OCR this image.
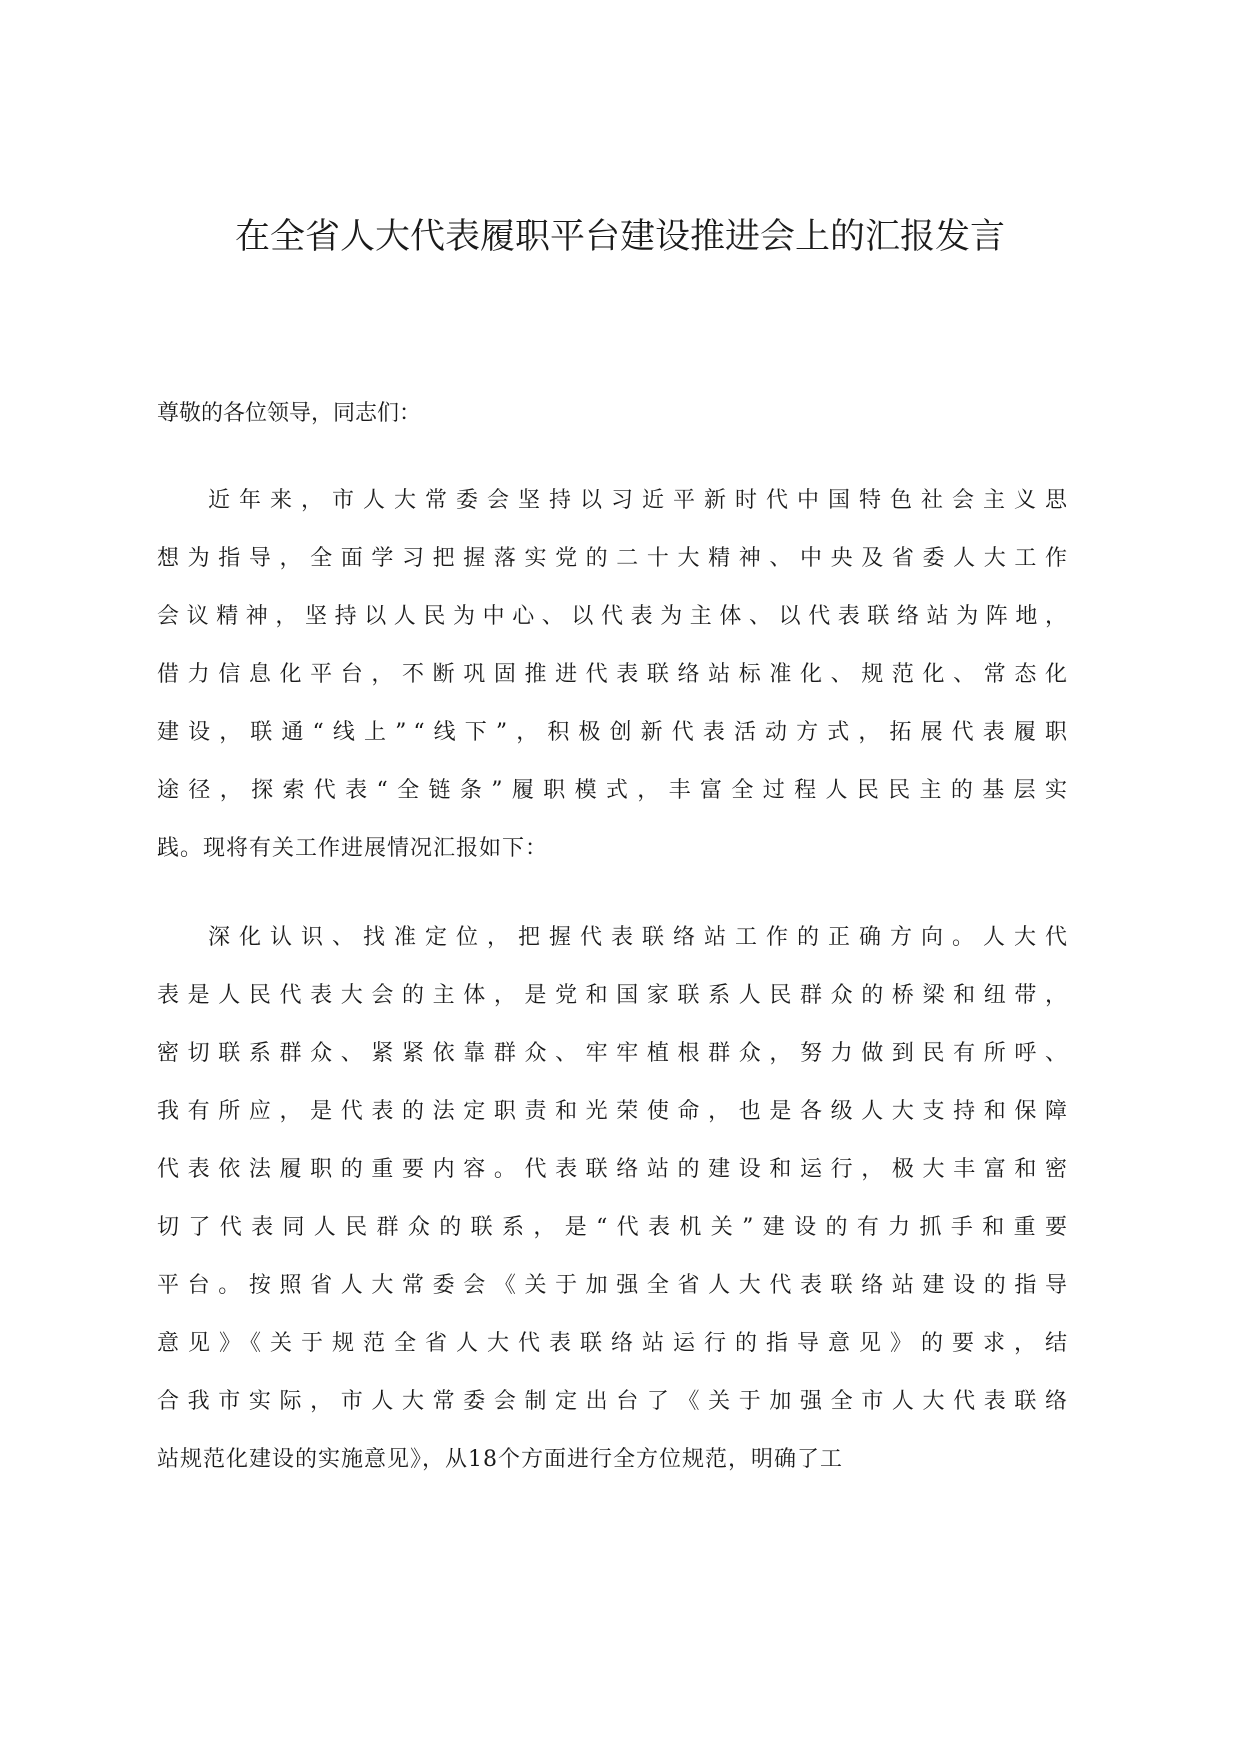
在全省人大代表履职平台建设推进会上的汇报发言

尊敬的各位领导，同志们：

近年来，市人大常委会坚持以习近平新时代中国特色社会主义思
想为指导，全面学习把握落实党的二十大精神、中央及省委人大工作
会议精神，坚持以人民为中心、以代表为主体、以代表联络站为阵地，
借力信息化平台，不断巩固推进代表联络站标准化、规范化、常态化
建设，联通“线上”“线下”，积极创新代表活动方式，拓展代表履职
途径，探索代表“全链条”履职模式，丰富全过程人民民主的基层实
践。现将有关工作进展情况汇报如下：
深化认识、找准定位，把握代表联络站工作的正确方向。人大代
表是人民代表大会的主体，是党和国家联系人民群众的桥梁和纽带，
密切联系群众、紧紧依靠群众、牢牢植根群众，努力做到民有所呼、
我有所应，是代表的法定职责和光荣使命，也是各级人大支持和保障
代表依法履职的重要内容。代表联络站的建设和运行，极大丰富和密
切了代表同人民群众的联系，是“代表机关”建设的有力抓手和重要
平台。按照省人大常委会《关于加强全省人大代表联络站建设的指导
意见》《关于规范全省人大代表联络站运行的指导意见》的要求，结
合我市实际，市人大常委会制定出台了《关于加强全市人大代表联络
站规范化建设的实施意见》，从18个方面进行全方位规范，明确了工
